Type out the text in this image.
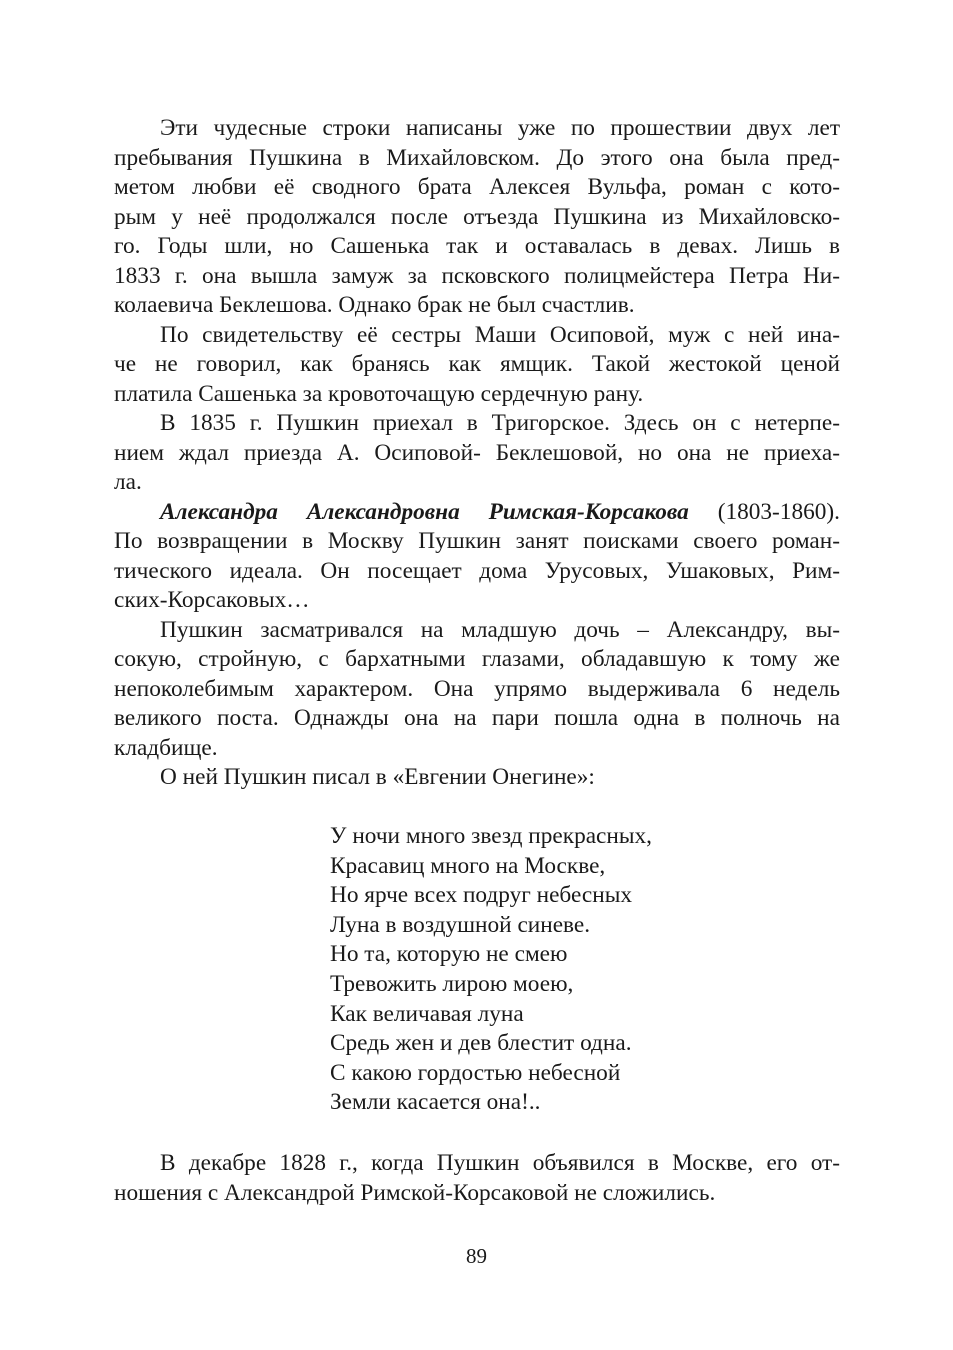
Эти чудесные строки написаны уже по прошествии двух лет
пребывания Пушкина в Михайловском. До этого она была пред-
метом любви её сводного брата Алексея Вульфа, роман с кото-
рым у неё продолжался после отъезда Пушкина из Михайловско-
го. Годы шли, но Сашенька так и оставалась в девах. Лишь в
1833 г. она вышла замуж за псковского полицмейстера Петра Ни-
колаевича Беклешова. Однако брак не был счастлив.
По свидетельству её сестры Маши Осиповой, муж с ней ина-
че не говорил, как бранясь как ямщик. Такой жестокой ценой
платила Сашенька за кровоточащую сердечную рану.
В 1835 г. Пушкин приехал в Тригорское. Здесь он с нетерпе-
нием ждал приезда А. Осиповой- Беклешовой, но она не приеха-
ла.
Александра Александровна Римская-Корсакова (1803-1860).
По возвращении в Москву Пушкин занят поисками своего роман-
тического идеала. Он посещает дома Урусовых, Ушаковых, Рим-
ских-Корсаковых…
Пушкин засматривался на младшую дочь – Александру, вы-
сокую, стройную, с бархатными глазами, обладавшую к тому же
непоколебимым характером. Она упрямо выдерживала 6 недель
великого поста. Однажды она на пари пошла одна в полночь на
кладбище.
О ней Пушкин писал в «Евгении Онегине»:
У ночи много звезд прекрасных,
Красавиц много на Москве,
Но ярче всех подруг небесных
Луна в воздушной синеве.
Но та, которую не смею
Тревожить лирою моею,
Как величавая луна
Средь жен и дев блестит одна.
С какою гордостью небесной
Земли касается она!..
В декабре 1828 г., когда Пушкин объявился в Москве, его от-
ношения с Александрой Римской-Корсаковой не сложились.
89
